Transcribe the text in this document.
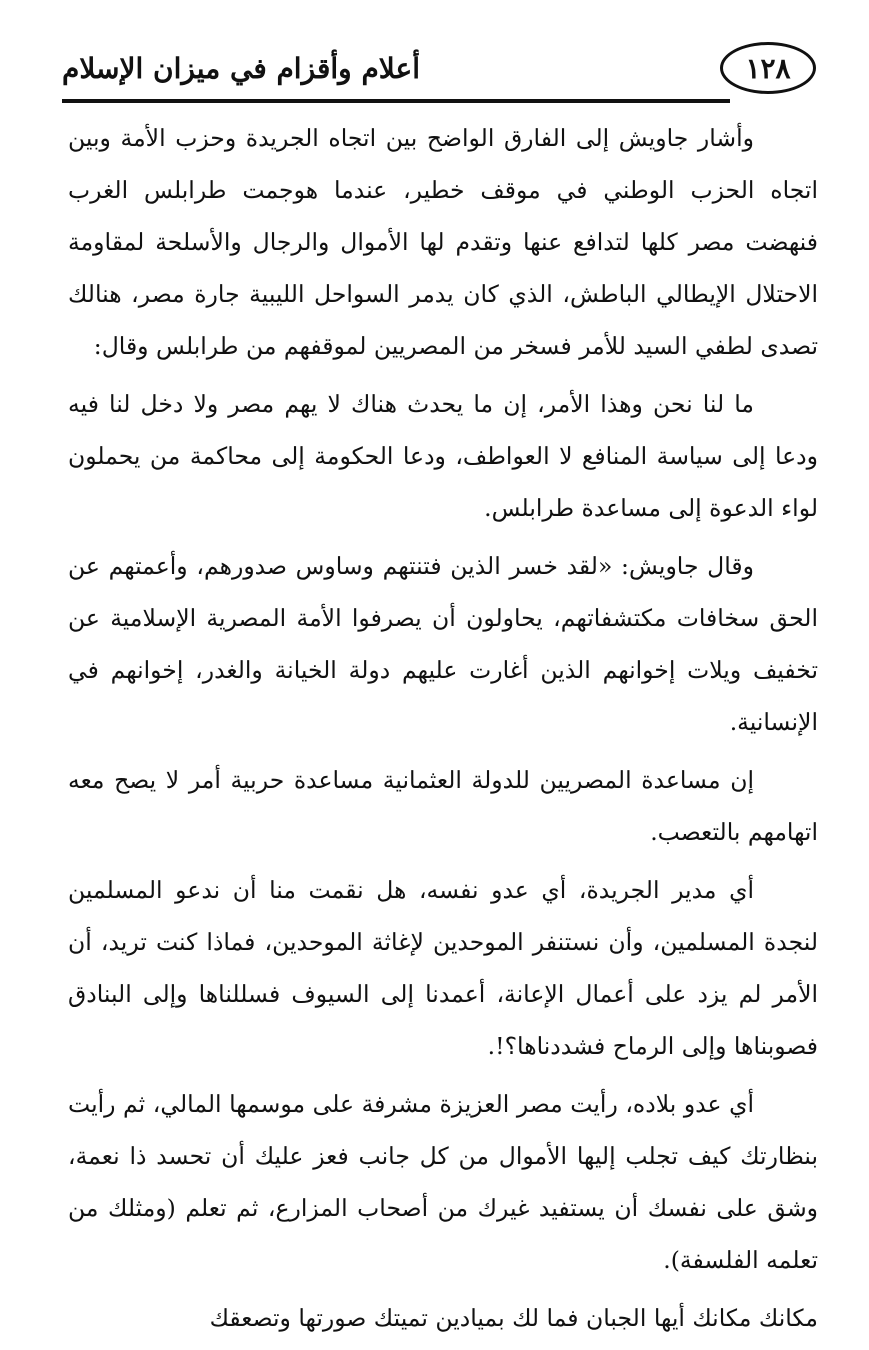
أعلام وأقزام في ميزان الإسلام	١٢٨

وأشار جاويش إلى الفارق الواضح بين اتجاه الجريدة وحزب الأمة وبين اتجاه الحزب الوطني في موقف خطير، عندما هوجمت طرابلس الغرب فنهضت مصر كلها لتدافع عنها وتقدم لها الأموال والرجال والأسلحة لمقاومة الاحتلال الإيطالي الباطش، الذي كان يدمر السواحل الليبية جارة مصر، هنالك تصدى لطفي السيد للأمر فسخر من المصريين لموقفهم من طرابلس وقال:

ما لنا نحن وهذا الأمر، إن ما يحدث هناك لا يهم مصر ولا دخل لنا فيه ودعا إلى سياسة المنافع لا العواطف، ودعا الحكومة إلى محاكمة من يحملون لواء الدعوة إلى مساعدة طرابلس.

وقال جاويش: «لقد خسر الذين فتنتهم وساوس صدورهم، وأعمتهم عن الحق سخافات مكتشفاتهم، يحاولون أن يصرفوا الأمة المصرية الإسلامية عن تخفيف ويلات إخوانهم الذين أغارت عليهم دولة الخيانة والغدر، إخوانهم في الإنسانية.

إن مساعدة المصريين للدولة العثمانية مساعدة حربية أمر لا يصح معه اتهامهم بالتعصب.

أي مدير الجريدة، أي عدو نفسه، هل نقمت منا أن ندعو المسلمين لنجدة المسلمين، وأن نستنفر الموحدين لإغاثة الموحدين، فماذا كنت تريد، أن الأمر لم يزد على أعمال الإعانة، أعمدنا إلى السيوف فسللناها وإلى البنادق فصوبناها وإلى الرماح فشددناها؟!.

أي عدو بلاده، رأيت مصر العزيزة مشرفة على موسمها المالي، ثم رأيت بنظارتك كيف تجلب إليها الأموال من كل جانب فعز عليك أن تحسد ذا نعمة، وشق على نفسك أن يستفيد غيرك من أصحاب المزارع، ثم تعلم (ومثلك من تعلمه الفلسفة).

مكانك مكانك أيها الجبان فما لك بميادين تميتك صورتها وتصعقك
